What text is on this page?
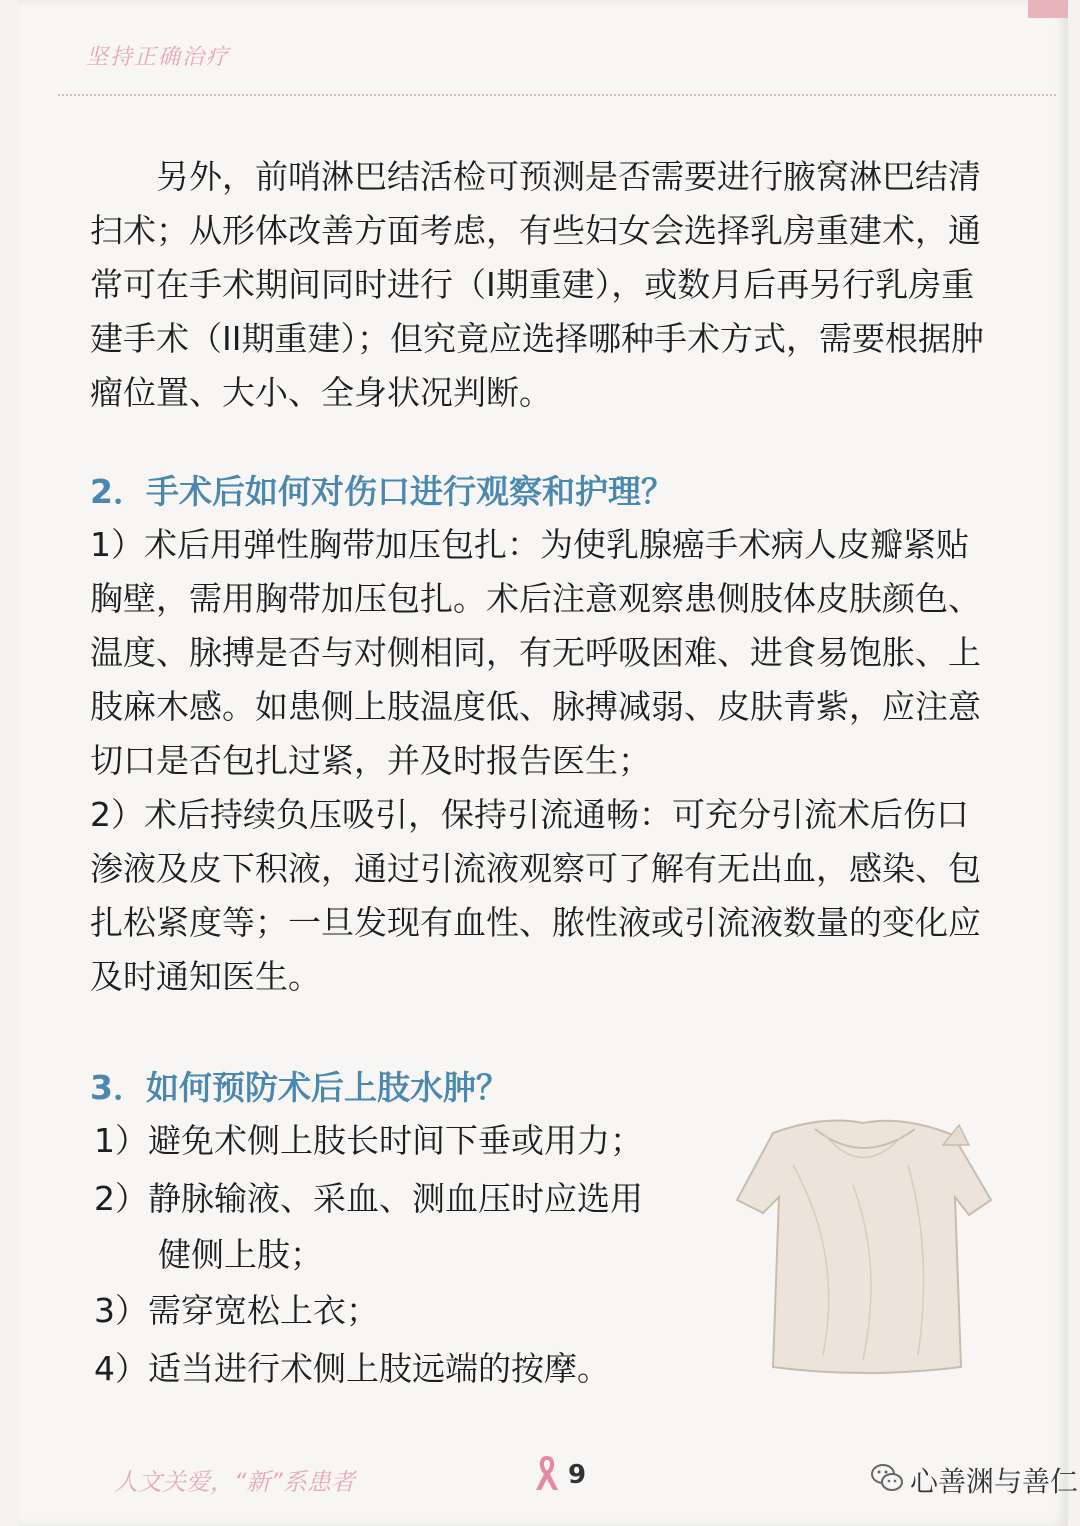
坚持正确治疗

另外，前哨淋巴结活检可预测是否需要进行腋窝淋巴结清扫术；从形体改善方面考虑，有些妇女会选择乳房重建术，通常可在手术期间同时进行（I期重建），或数月后再另行乳房重建手术（II期重建）；但究竟应选择哪种手术方式，需要根据肿瘤位置、大小、全身状况判断。

2．手术后如何对伤口进行观察和护理？

1）术后用弹性胸带加压包扎：为使乳腺癌手术病人皮瓣紧贴胸壁，需用胸带加压包扎。术后注意观察患侧肢体皮肤颜色、温度、脉搏是否与对侧相同，有无呼吸困难、进食易饱胀、上肢麻木感。如患侧上肢温度低、脉搏减弱、皮肤青紫，应注意切口是否包扎过紧，并及时报告医生；

2）术后持续负压吸引，保持引流通畅：可充分引流术后伤口渗液及皮下积液，通过引流液观察可了解有无出血，感染、包扎松紧度等；一旦发现有血性、脓性液或引流液数量的变化应及时通知医生。

3．如何预防术后上肢水肿？
1）避免术侧上肢长时间下垂或用力；
2）静脉输液、采血、测血压时应选用
健侧上肢；
3）需穿宽松上衣；
4）适当进行术侧上肢远端的按摩。
人文关爱，“新”系患者	9	心善渊与善仁
